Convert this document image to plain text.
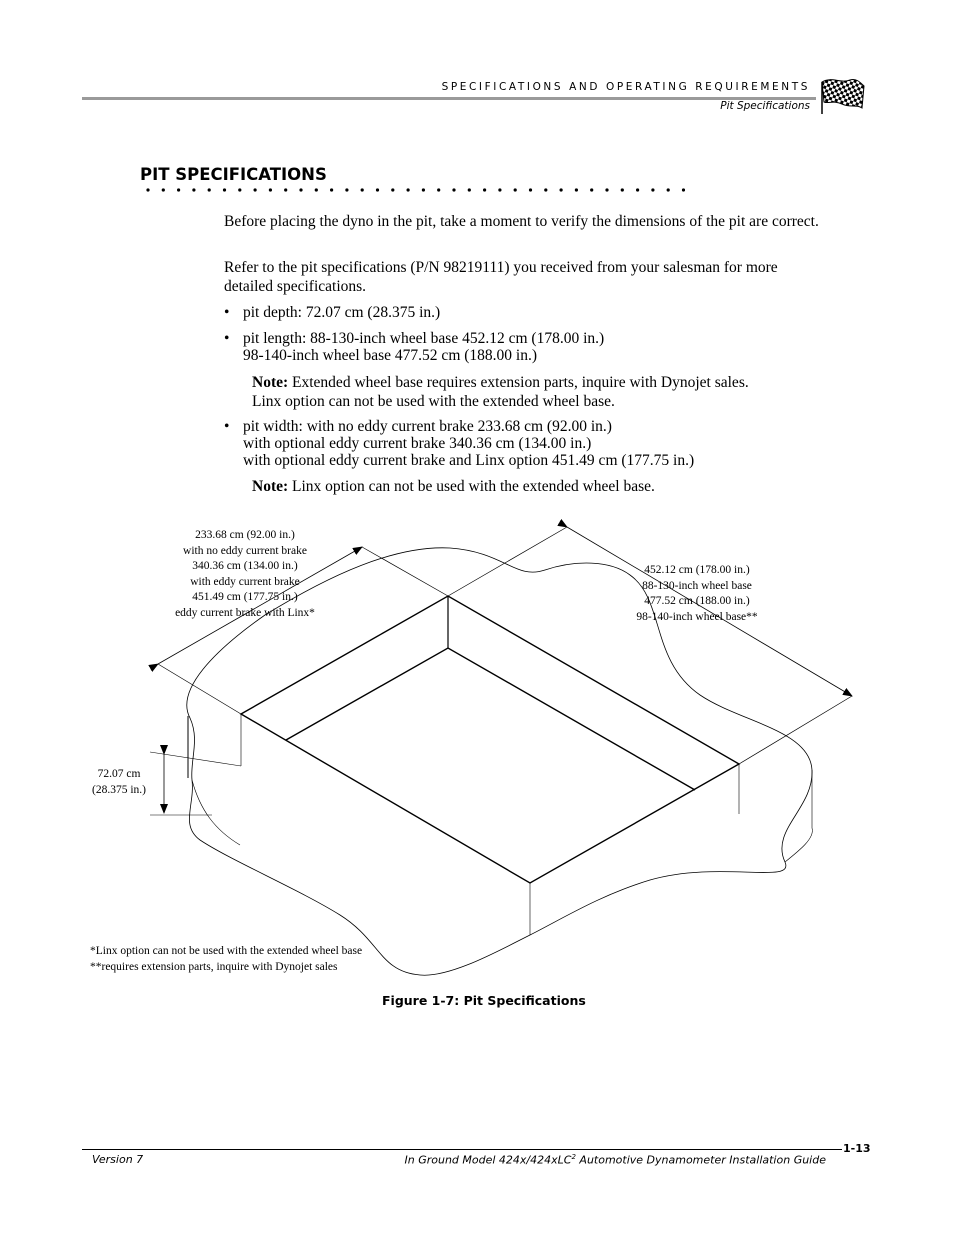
SPECIFICATIONS AND OPERATING REQUIREMENTS
Pit Specifications
PIT SPECIFICATIONS
Before placing the dyno in the pit, take a moment to verify the dimensions of the pit are correct.
Refer to the pit specifications (P/N 98219111) you received from your salesman for more detailed specifications.
• pit depth: 72.07 cm (28.375 in.)
• pit length: 88-130-inch wheel base 452.12 cm (178.00 in.)
98-140-inch wheel base 477.52 cm (188.00 in.)
Note: Extended wheel base requires extension parts, inquire with Dynojet sales.
Linx option can not be used with the extended wheel base.
• pit width: with no eddy current brake 233.68 cm (92.00 in.)
with optional eddy current brake 340.36 cm (134.00 in.)
with optional eddy current brake and Linx option 451.49 cm (177.75 in.)
Note: Linx option can not be used with the extended wheel base.
233.68 cm (92.00 in.)
with no eddy current brake
340.36 cm (134.00 in.)
with eddy current brake
451.49 cm (177.75 in.)
eddy current brake with Linx*
452.12 cm (178.00 in.)
88-130-inch wheel base
477.52 cm (188.00 in.)
98-140-inch wheel base**
72.07 cm
(28.375 in.)
*Linx option can not be used with the extended wheel base
**requires extension parts, inquire with Dynojet sales
Figure 1-7: Pit Specifications
Version 7	In Ground Model 424x/424xLC$^2$ Automotive Dynamometer Installation Guide
1-13
